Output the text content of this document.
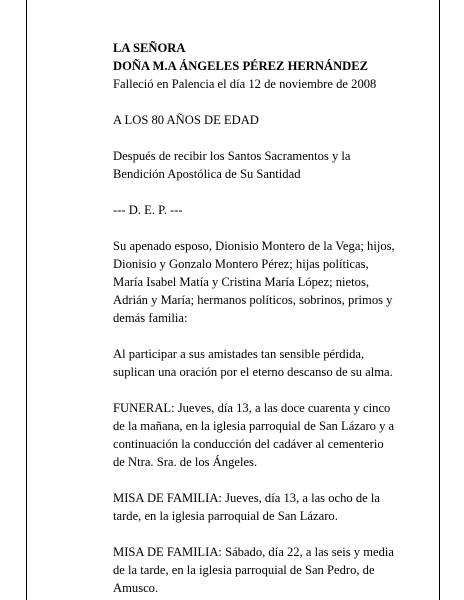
LA SEÑORA

DOÑA M.A ÁNGELES PÉREZ HERNÁNDEZ

Falleció en Palencia el día 12 de noviembre de 2008

A LOS 80 AÑOS DE EDAD

Después de recibir los Santos Sacramentos y la

Bendición Apostólica de Su Santidad

--- D. E. P. ---

Su apenado esposo, Dionisio Montero de la Vega; hijos,

Dionisio y Gonzalo Montero Pérez; hijas políticas,

María Isabel Matía y Cristina María López; nietos,

Adrián y María; hermanos políticos, sobrinos, primos y

demás familia:

Al participar a sus amistades tan sensible pérdida,

suplican una oración por el eterno descanso de su alma.

FUNERAL: Jueves, día 13, a las doce cuarenta y cinco

de la mañana, en la iglesia parroquial de San Lázaro y a

continuación la conducción del cadáver al cementerio

de Ntra. Sra. de los Ángeles.

MISA DE FAMILIA: Jueves, día 13, a las ocho de la

tarde, en la iglesia parroquial de San Lázaro.

MISA DE FAMILIA: Sábado, día 22, a las seis y media

de la tarde, en la iglesia parroquial de San Pedro, de

Amusco.
